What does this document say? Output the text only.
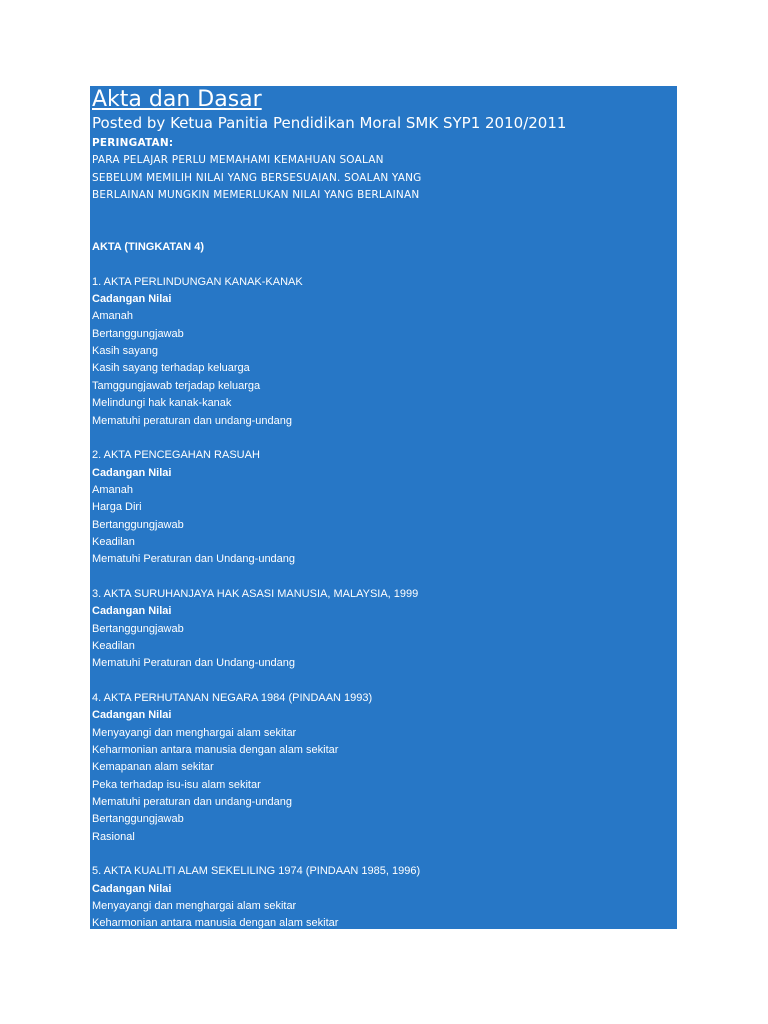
Akta dan Dasar
Posted by Ketua Panitia Pendidikan Moral SMK SYP1 2010/2011
PERINGATAN:
PARA PELAJAR PERLU MEMAHAMI KEMAHUAN SOALAN
SEBELUM MEMILIH NILAI YANG BERSESUAIAN. SOALAN YANG
BERLAINAN MUNGKIN MEMERLUKAN NILAI YANG BERLAINAN
AKTA (TINGKATAN 4)
1. AKTA PERLINDUNGAN KANAK-KANAK
Cadangan Nilai
Amanah
Bertanggungjawab
Kasih sayang
Kasih sayang terhadap keluarga
Tamggungjawab terjadap keluarga
Melindungi hak kanak-kanak
Mematuhi peraturan dan undang-undang
2. AKTA PENCEGAHAN RASUAH
Cadangan Nilai
Amanah
Harga Diri
Bertanggungjawab
Keadilan
Mematuhi Peraturan dan Undang-undang
3. AKTA SURUHANJAYA HAK ASASI MANUSIA, MALAYSIA, 1999
Cadangan Nilai
Bertanggungjawab
Keadilan
Mematuhi Peraturan dan Undang-undang
4. AKTA PERHUTANAN NEGARA 1984 (PINDAAN 1993)
Cadangan Nilai
Menyayangi dan menghargai alam sekitar
Keharmonian antara manusia dengan alam sekitar
Kemapanan alam sekitar
Peka terhadap isu-isu alam sekitar
Mematuhi peraturan dan undang-undang
Bertanggungjawab
Rasional
5. AKTA KUALITI ALAM SEKELILING 1974 (PINDAAN 1985, 1996)
Cadangan Nilai
Menyayangi dan menghargai alam sekitar
Keharmonian antara manusia dengan alam sekitar
